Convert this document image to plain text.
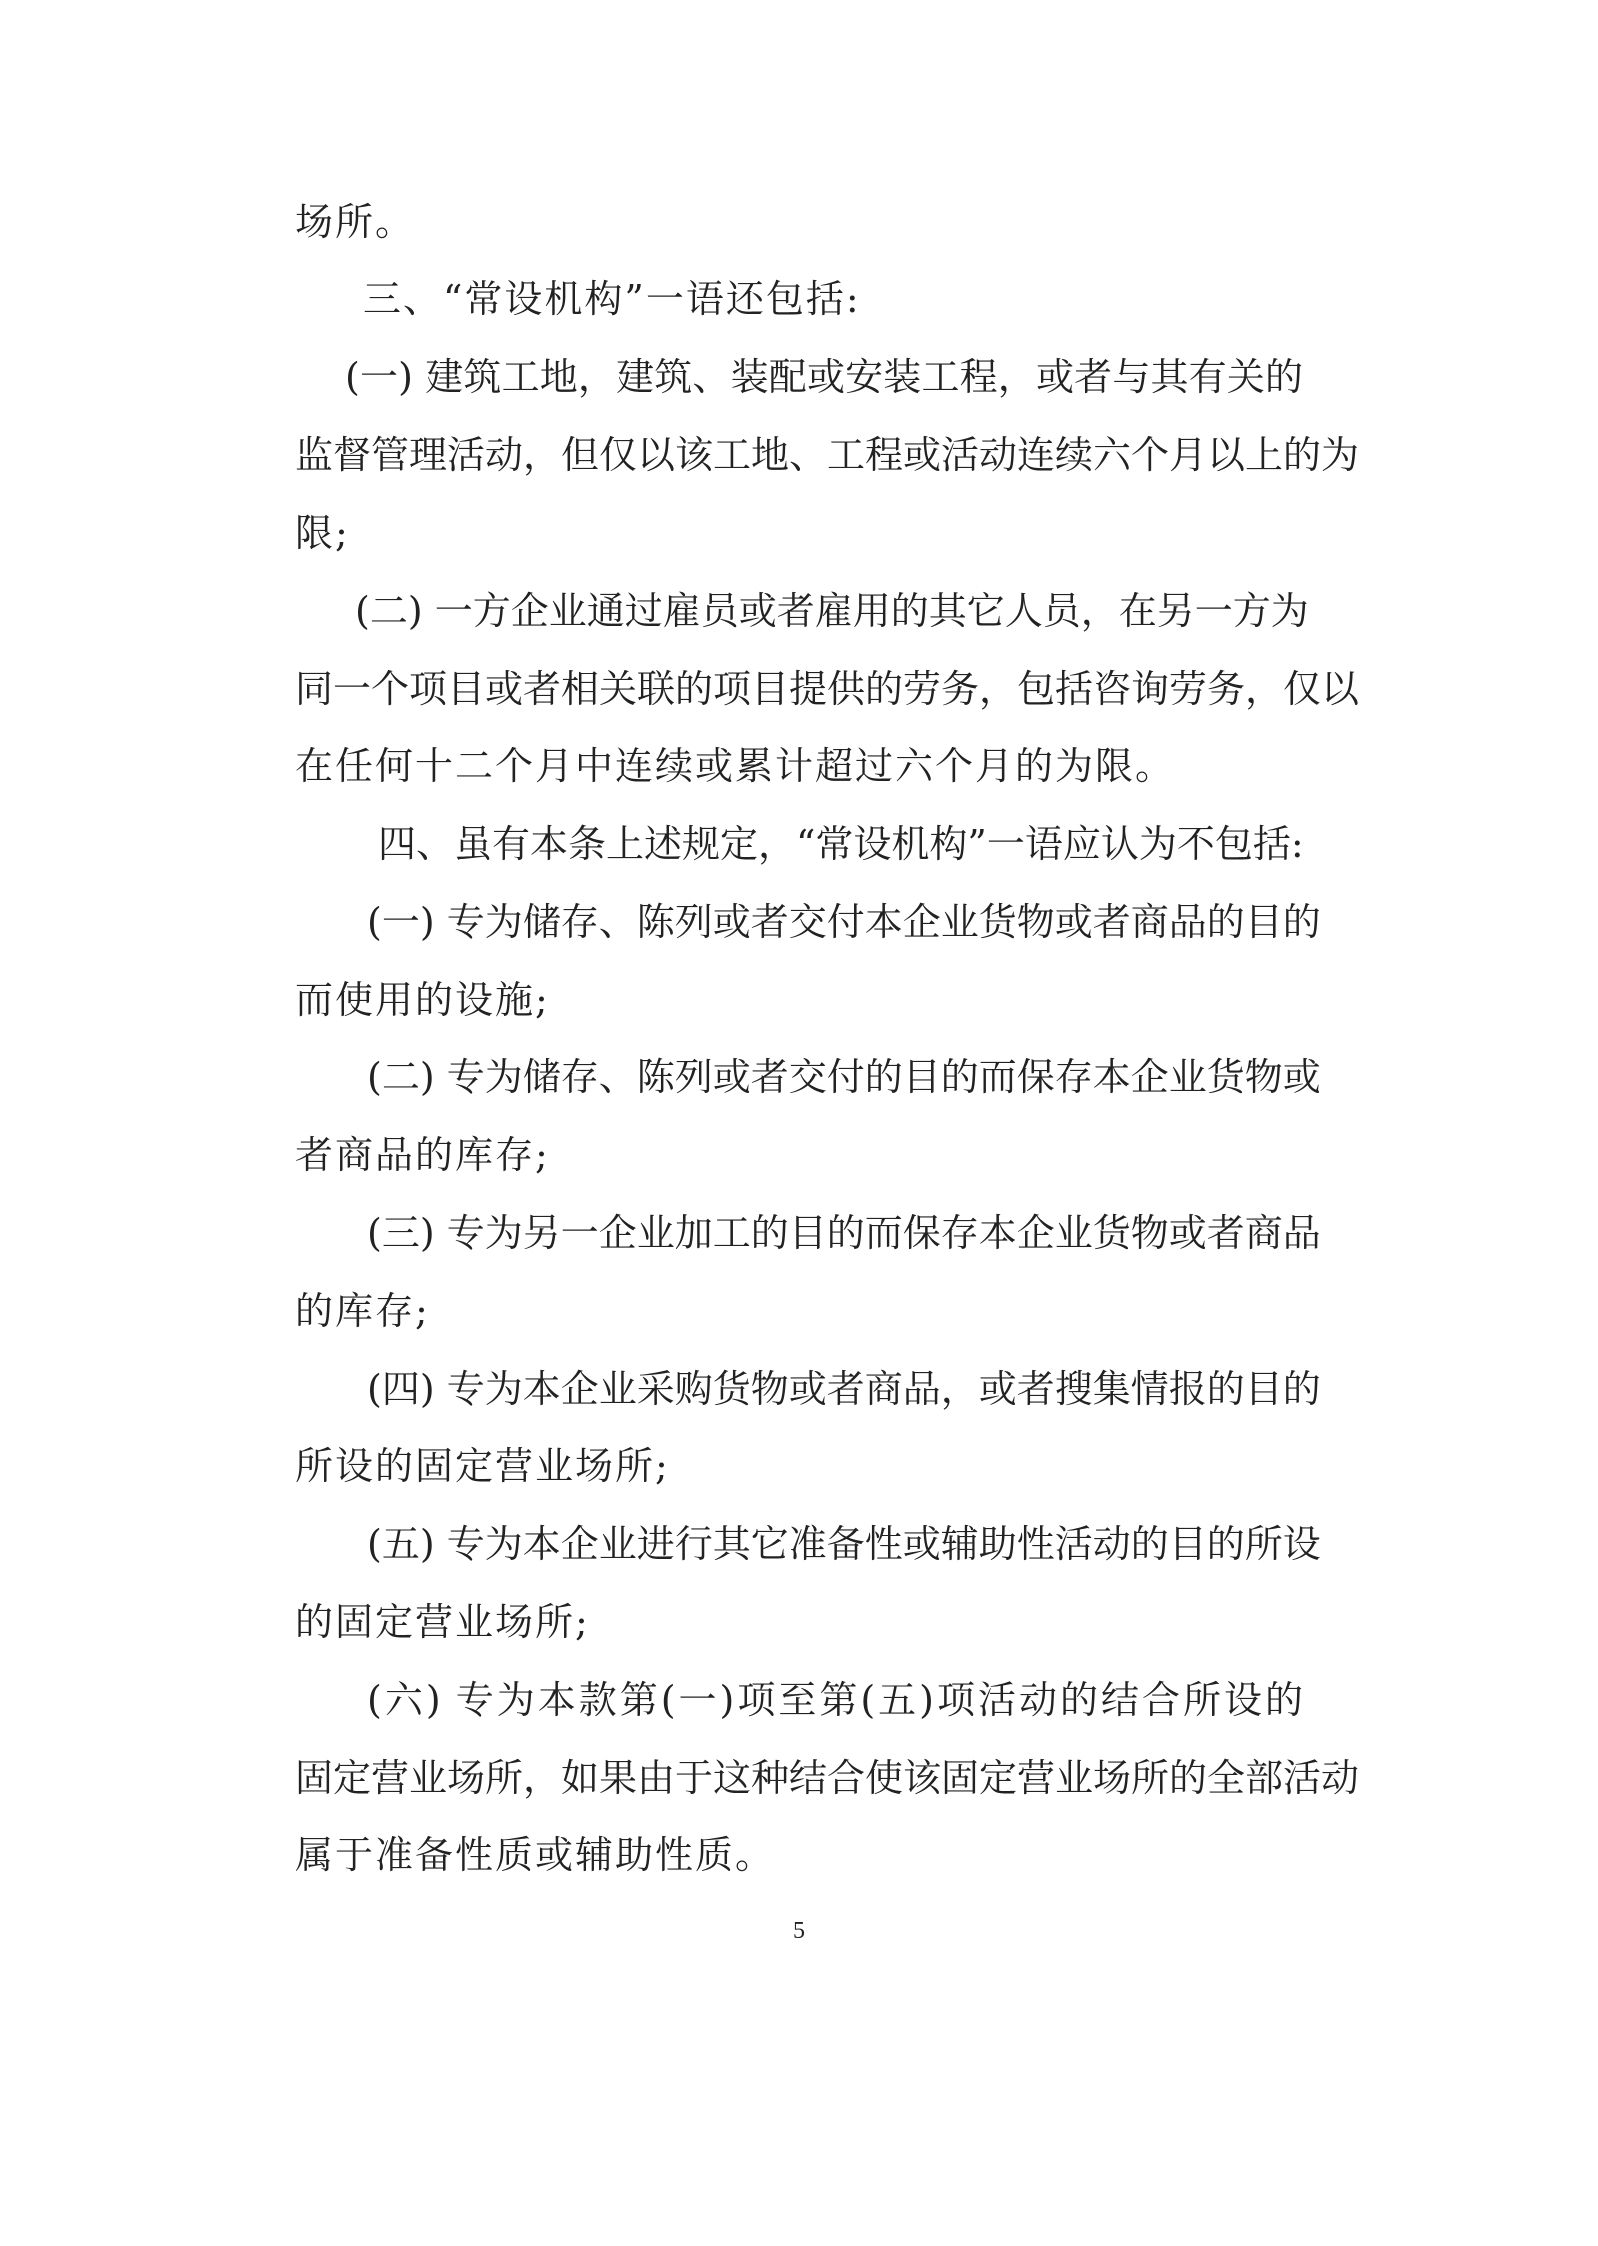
场所。
三、“常设机构”一语还包括:
(一) 建筑工地，建筑、装配或安装工程，或者与其有关的
监督管理活动，但仅以该工地、工程或活动连续六个月以上的为
限;
(二) 一方企业通过雇员或者雇用的其它人员，在另一方为
同一个项目或者相关联的项目提供的劳务，包括咨询劳务，仅以
在任何十二个月中连续或累计超过六个月的为限。
四、虽有本条上述规定，“常设机构”一语应认为不包括:
(一) 专为储存、陈列或者交付本企业货物或者商品的目的
而使用的设施;
(二) 专为储存、陈列或者交付的目的而保存本企业货物或
者商品的库存;
(三) 专为另一企业加工的目的而保存本企业货物或者商品
的库存;
(四) 专为本企业采购货物或者商品，或者搜集情报的目的
所设的固定营业场所;
(五) 专为本企业进行其它准备性或辅助性活动的目的所设
的固定营业场所;
(六) 专为本款第(一)项至第(五)项活动的结合所设的
固定营业场所，如果由于这种结合使该固定营业场所的全部活动
属于准备性质或辅助性质。
5
